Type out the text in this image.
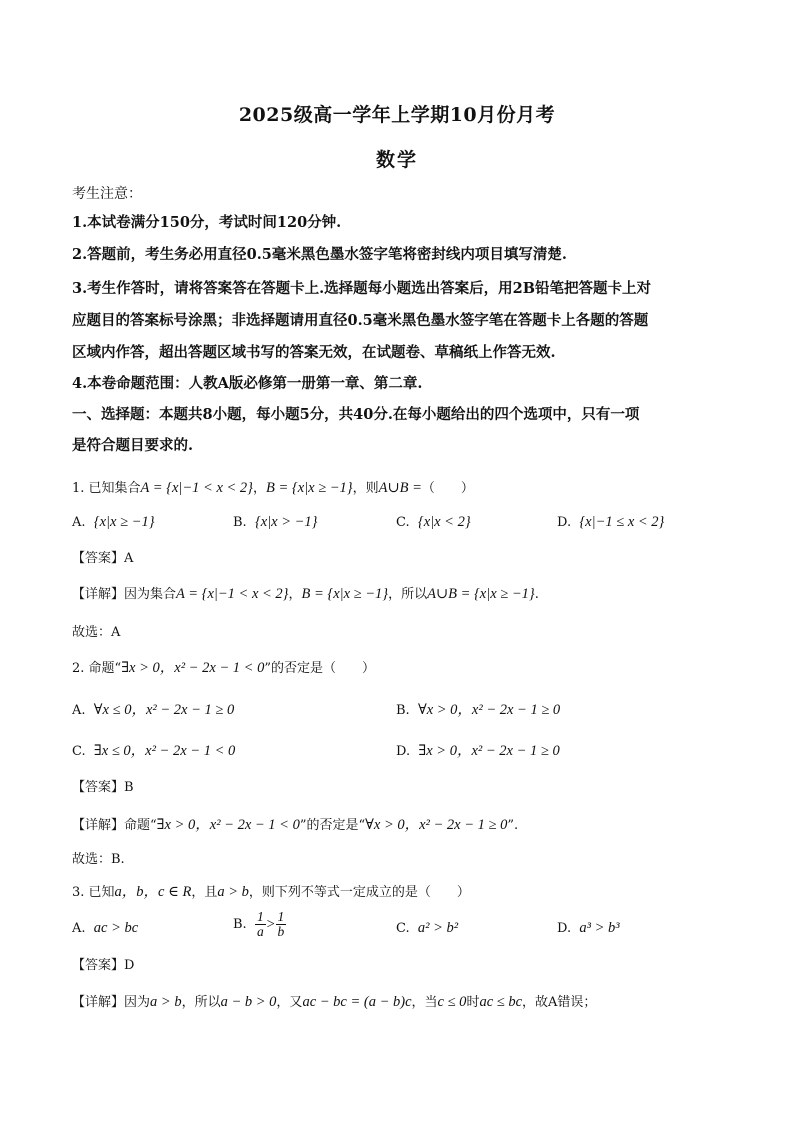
2025级高一学年上学期10月份月考
数学
考生注意：
1.本试卷满分150分，考试时间120分钟.
2.答题前，考生务必用直径0.5毫米黑色墨水签字笔将密封线内项目填写清楚.
3.考生作答时，请将答案答在答题卡上.选择题每小题选出答案后，用2B铅笔把答题卡上对
应题目的答案标号涂黑；非选择题请用直径0.5毫米黑色墨水签字笔在答题卡上各题的答题
区域内作答，超出答题区域书写的答案无效，在试题卷、草稿纸上作答无效.
4.本卷命题范围：人教A版必修第一册第一章、第二章.
一、选择题：本题共8小题，每小题5分，共40分.在每小题给出的四个选项中，只有一项
是符合题目要求的.
1. 已知集合A = {x|−1 < x < 2}，B = {x|x ≥ −1}，则A∪B =（　　）
A. {x|x ≥ −1}	B. {x|x > −1}	C. {x|x < 2}	D. {x|−1 ≤ x < 2}
【答案】A
【详解】因为集合A = {x|−1 < x < 2}，B = {x|x ≥ −1}，所以A∪B = {x|x ≥ −1}.
故选：A
2. 命题“∃x > 0，x² − 2x − 1 < 0”的否定是（　　）
A. ∀x ≤ 0，x² − 2x − 1 ≥ 0	B. ∀x > 0，x² − 2x − 1 ≥ 0
C. ∃x ≤ 0，x² − 2x − 1 < 0	D. ∃x > 0，x² − 2x − 1 ≥ 0
【答案】B
【详解】命题“∃x > 0，x² − 2x − 1 < 0”的否定是“∀x > 0，x² − 2x − 1 ≥ 0”.
故选：B.
3. 已知a，b，c ∈ R，且a > b，则下列不等式一定成立的是（　　）
A. ac > bc	B. $\frac{1}{a} > \frac{1}{b}$	C. a² > b²	D. a³ > b³
【答案】D
【详解】因为a > b，所以a − b > 0，又ac − bc = (a − b)c，当c ≤ 0时ac ≤ bc，故A错误；
